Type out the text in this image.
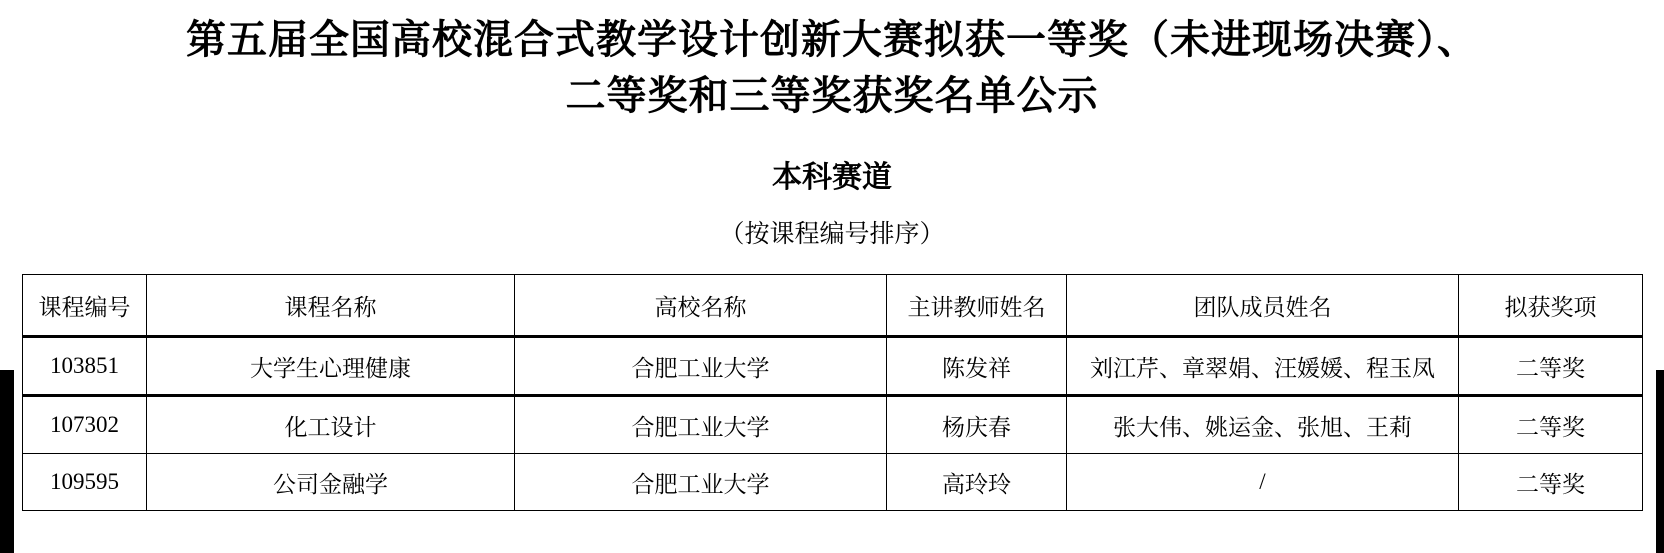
第五届全国高校混合式教学设计创新大赛拟获一等奖（未进现场决赛）、
二等奖和三等奖获奖名单公示
本科赛道
（按课程编号排序）
课程编号	课程名称	高校名称	主讲教师姓名	团队成员姓名	拟获奖项
103851	大学生心理健康	合肥工业大学	陈发祥	刘江芹、章翠娟、汪媛媛、程玉凤	二等奖
107302	化工设计	合肥工业大学	杨庆春	张大伟、姚运金、张旭、王莉	二等奖
109595	公司金融学	合肥工业大学	高玲玲	/	二等奖
